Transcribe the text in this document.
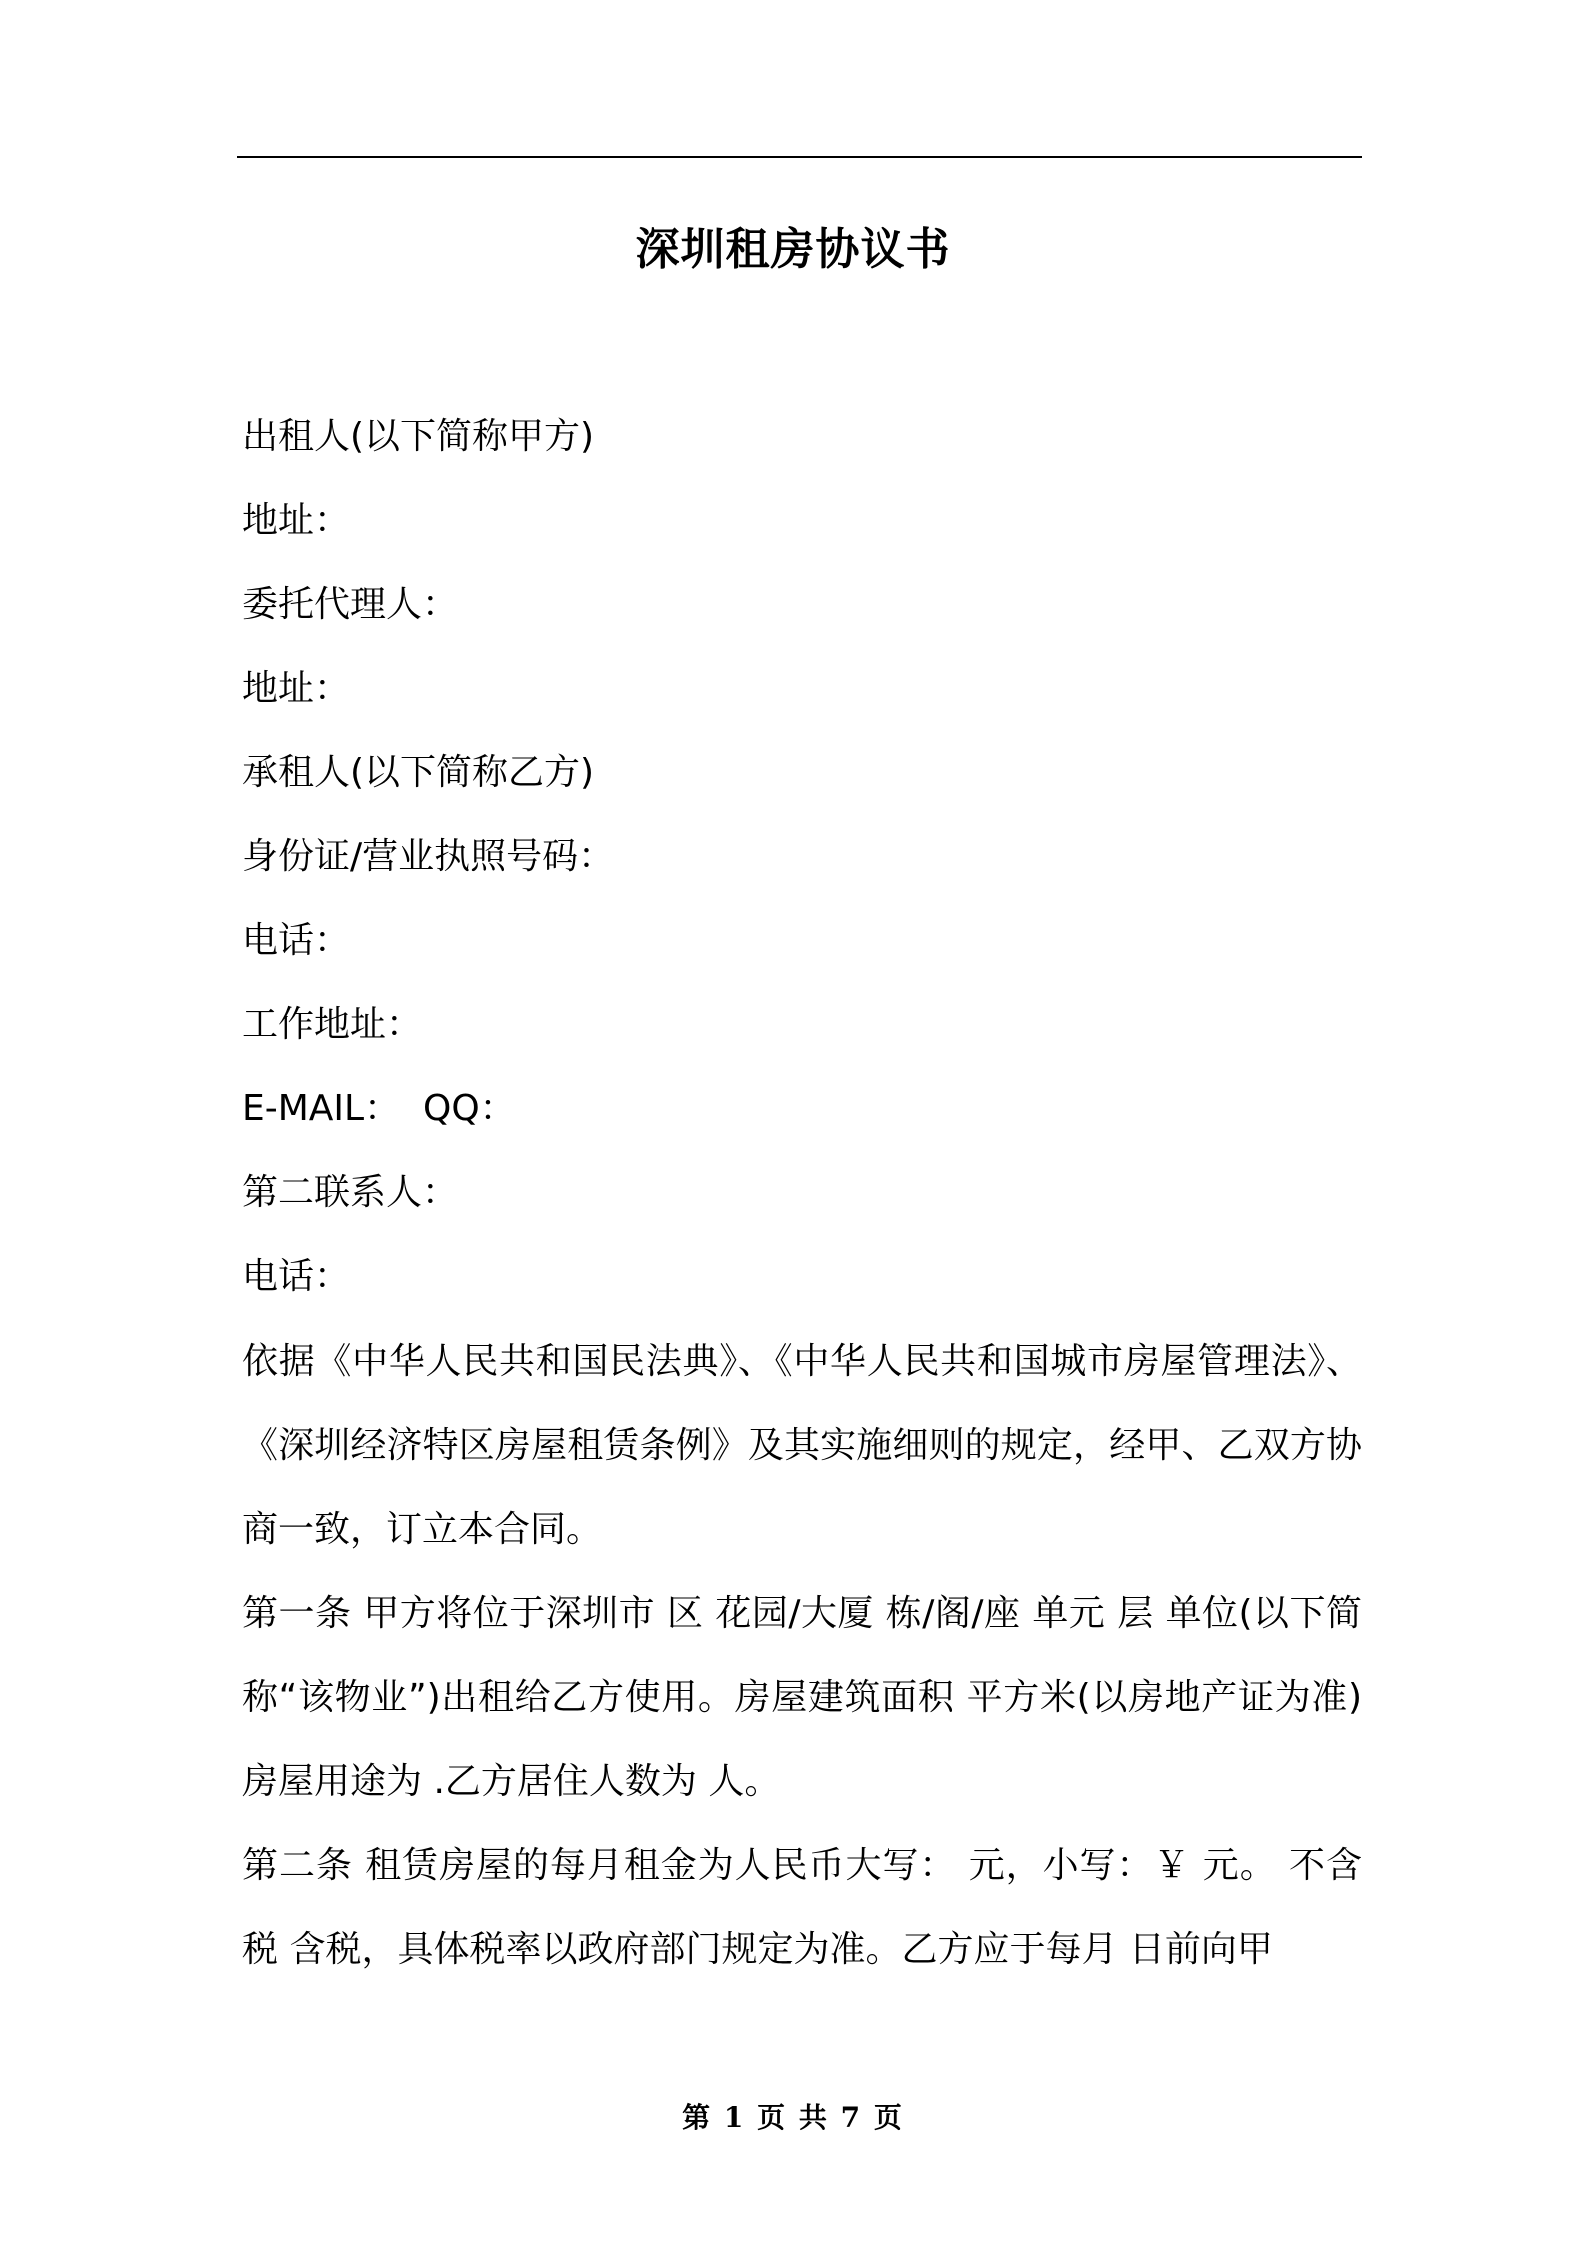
深圳租房协议书
出租人(以下简称甲方)
地址：
委托代理人：
地址：
承租人(以下简称乙方)
身份证/营业执照号码：
电话：
工作地址：
E-MAIL：  QQ：
第二联系人：
电话：
依据《中华人民共和国民法典》、《中华人民共和国城市房屋管理法》、《深圳经济特区房屋租赁条例》及其实施细则的规定，经甲、乙双方协商一致，订立本合同。
第一条 甲方将位于深圳市 区 花园/大厦 栋/阁/座 单元 层 单位(以下简称“该物业”)出租给乙方使用。房屋建筑面积 平方米(以房地产证为准)房屋用途为 .乙方居住人数为 人。
第二条 租赁房屋的每月租金为人民币大写： 元，小写：￥ 元。 不含税 含税，具体税率以政府部门规定为准。乙方应于每月 日前向甲
第 1 页 共 7 页
